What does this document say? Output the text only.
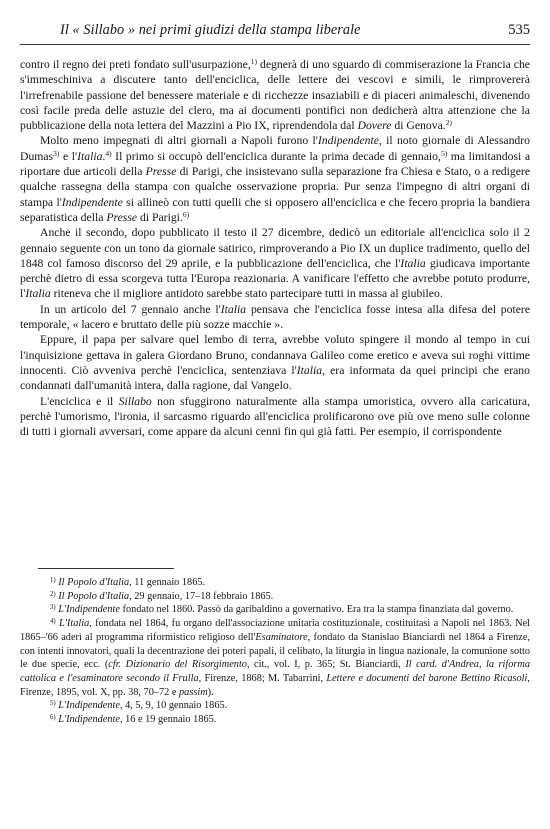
Il « Sillabo » nei primi giudizi della stampa liberale	535

contro il regno dei preti fondato sull'usurpazione,$^{1)}$ degnerà di uno sguardo di commiserazione la Francia che s'immeschiniva a discutere tanto dell'enciclica, delle lettere dei vescovi e simili, le rimprovererà l'irrefrenabile passione del benessere materiale e di ricchezze insaziabili e di piaceri animaleschi, divenendo così facile preda delle astuzie del clero, ma ai documenti pontifici non dedicherà altra attenzione che la pubblicazione della nota lettera del Mazzini a Pio IX, riprendendola dal Dovere di Genova.$^{2)}$

Molto meno impegnati di altri giornali a Napoli furono l'Indipendente, il noto giornale di Alessandro Dumas$^{3)}$ e l'Italia.$^{4)}$ Il primo si occupò dell'enciclica durante la prima decade di gennaio,$^{5)}$ ma limitandosi a riportare due articoli della Presse di Parigi, che insistevano sulla separazione fra Chiesa e Stato, o a redigere qualche rassegna della stampa con qualche osservazione propria. Pur senza l'impegno di altri organi di stampa l'Indipendente si allineò con tutti quelli che si opposero all'enciclica e che fecero propria la bandiera separatistica della Presse di Parigi.$^{6)}$

Anche il secondo, dopo pubblicato il testo il 27 dicembre, dedicò un editoriale all'enciclica solo il 2 gennaio seguente con un tono da giornale satirico, rimproverando a Pio IX un duplice tradimento, quello del 1848 col famoso discorso del 29 aprile, e la pubblicazione dell'enciclica, che l'Italia giudicava importante perchè dietro di essa scorgeva tutta l'Europa reazionaria. A vanificare l'effetto che avrebbe potuto produrre, l'Italia riteneva che il migliore antidoto sarebbe stato partecipare tutti in massa al giubileo.

In un articolo del 7 gennaio anche l'Italia pensava che l'enciclica fosse intesa alla difesa del potere temporale, « lacero e bruttato delle più sozze macchie ».

Eppure, il papa per salvare quel lembo di terra, avrebbe voluto spingere il mondo al tempo in cui l'inquisizione gettava in galera Giordano Bruno, condannava Galileo come eretico e aveva sui roghi vittime innocenti. Ciò avveniva perchè l'enciclica, sentenziava l'Italia, era informata da quei principi che erano condannati dall'umanità intera, dalla ragione, dal Vangelo.

L'enciclica e il Sillabo non sfuggirono naturalmente alla stampa umoristica, ovvero alla caricatura, perchè l'umorismo, l'ironia, il sarcasmo riguardo all'enciclica prolificarono ove più ove meno sulle colonne di tutti i giornali avversari, come appare da alcuni cenni fin qui già fatti. Per esempio, il corrispondente

$^{1)}$ Il Popolo d'Italia, 11 gennaio 1865.

$^{2)}$ Il Popolo d'Italia, 29 gennaio, 17–18 febbraio 1865.

$^{3)}$ L'Indipendente fondato nel 1860. Passò da garibaldino a governativo. Era tra la stampa finanziata dal governo.

$^{4)}$ L'Italia, fondata nel 1864, fu organo dell'associazione unitaria costituzionale, costituitasi a Napoli nel 1863. Nel 1865–'66 aderì al programma riformistico religioso dell'Esaminatore, fondato da Stanislao Bianciardi nel 1864 a Firenze, con intenti innovatori, quali la decentrazione dei poteri papali, il celibato, la liturgia in lingua nazionale, la comunione sotto le due specie, ecc. (cfr. Dizionario del Risorgimento, cit., vol. I, p. 365; St. Bianciardi, Il card. d'Andrea, la riforma cattolica e l'esaminatore secondo il Frulla, Firenze, 1868; M. Tabarrini, Lettere e documenti del barone Bettino Ricasoli, Firenze, 1895, vol. X, pp. 38, 70–72 e passim).

$^{5)}$ L'Indipendente, 4, 5, 9, 10 gennaio 1865.

$^{6)}$ L'Indipendente, 16 e 19 gennaio 1865.
